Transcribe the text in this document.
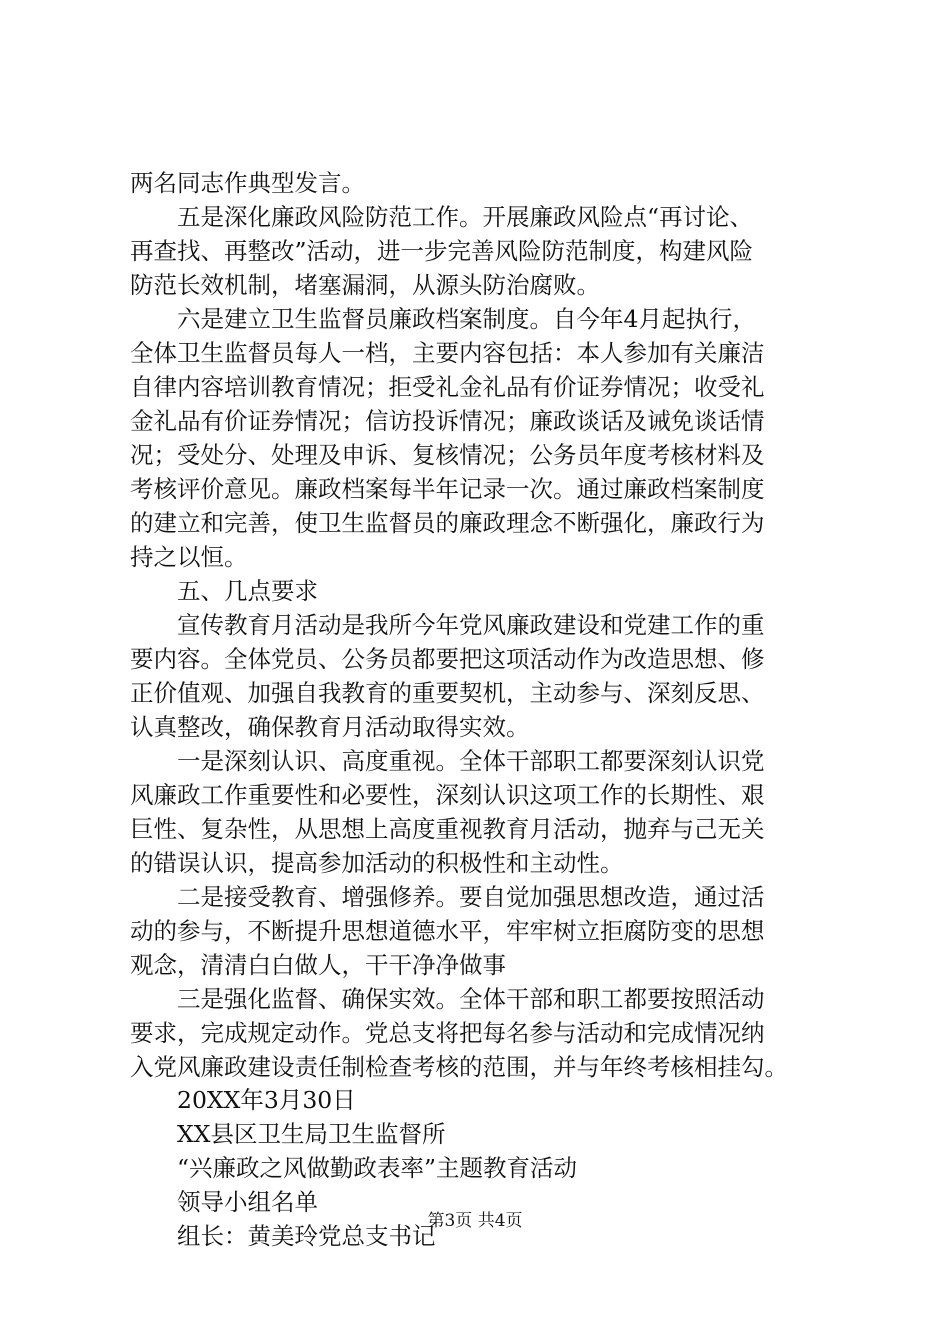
两名同志作典型发言。
五是深化廉政风险防范工作。开展廉政风险点“再讨论、
再查找、再整改”活动，进一步完善风险防范制度，构建风险
防范长效机制，堵塞漏洞，从源头防治腐败。
六是建立卫生监督员廉政档案制度。自今年4月起执行，
全体卫生监督员每人一档，主要内容包括：本人参加有关廉洁
自律内容培训教育情况；拒受礼金礼品有价证券情况；收受礼
金礼品有价证券情况；信访投诉情况；廉政谈话及诫免谈话情
况；受处分、处理及申诉、复核情况；公务员年度考核材料及
考核评价意见。廉政档案每半年记录一次。通过廉政档案制度
的建立和完善，使卫生监督员的廉政理念不断强化，廉政行为
持之以恒。
五、几点要求
宣传教育月活动是我所今年党风廉政建设和党建工作的重
要内容。全体党员、公务员都要把这项活动作为改造思想、修
正价值观、加强自我教育的重要契机，主动参与、深刻反思、
认真整改，确保教育月活动取得实效。
一是深刻认识、高度重视。全体干部职工都要深刻认识党
风廉政工作重要性和必要性，深刻认识这项工作的长期性、艰
巨性、复杂性，从思想上高度重视教育月活动，抛弃与己无关
的错误认识，提高参加活动的积极性和主动性。
二是接受教育、增强修养。要自觉加强思想改造，通过活
动的参与，不断提升思想道德水平，牢牢树立拒腐防变的思想
观念，清清白白做人，干干净净做事
三是强化监督、确保实效。全体干部和职工都要按照活动
要求，完成规定动作。党总支将把每名参与活动和完成情况纳
入党风廉政建设责任制检查考核的范围，并与年终考核相挂勾。
20XX年3月30日
XX县区卫生局卫生监督所
“兴廉政之风做勤政表率”主题教育活动
领导小组名单
组长：黄美玲党总支书记
第3页 共4页
